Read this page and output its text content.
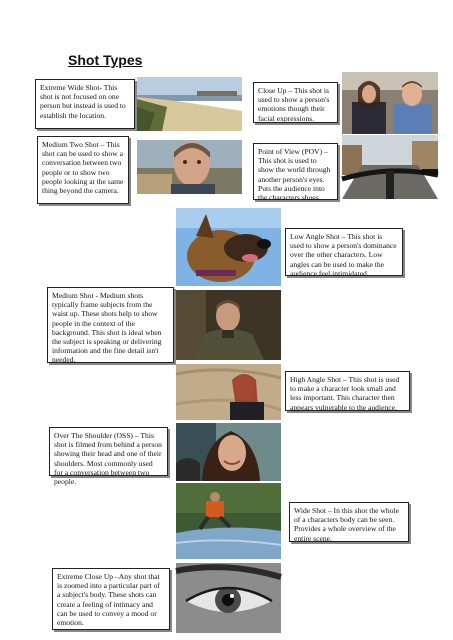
Shot Types
Extreme Wide Shot- This shot is not focused on one person but instead is used to establish the location.
Close Up – This shot is used to show a person's emotions though their facial expressions.
Medium Two Shot – This shot can be used to show a conversation between two people or to show two people looking at the same thing beyond the camera.
Point of View (POV) – This shot is used to show the world through another person's eyes. Puts the audience into the characters shoes.
Low Angle Shot – This shot is used to show a person's dominance over the other characters. Low angles can be used to make the audience feel intimidated.
Medium Shot - Medium shots typically frame subjects from the waist up. These shots help to show people in the context of the background. This shot is ideal when the subject is speaking or delivering information and the fine detail isn't needed.
High Angle Shot – This shot is used to make a character look small and less important. This character then appears vulnerable to the audience.
Over The Shoulder (OSS) – This shot is filmed from behind a person showing their head and one of their shoulders. Most commonly used for a conversation between two people.
Wide Shot – In this shot the whole of a characters body can be seen. Provides a whole overview of the entire scene.
Extreme Close Up –Any shot that is zoomed into a particular part of a subject's body. These shots can create a feeling of intimacy and can be used to convey a mood or emotion.
